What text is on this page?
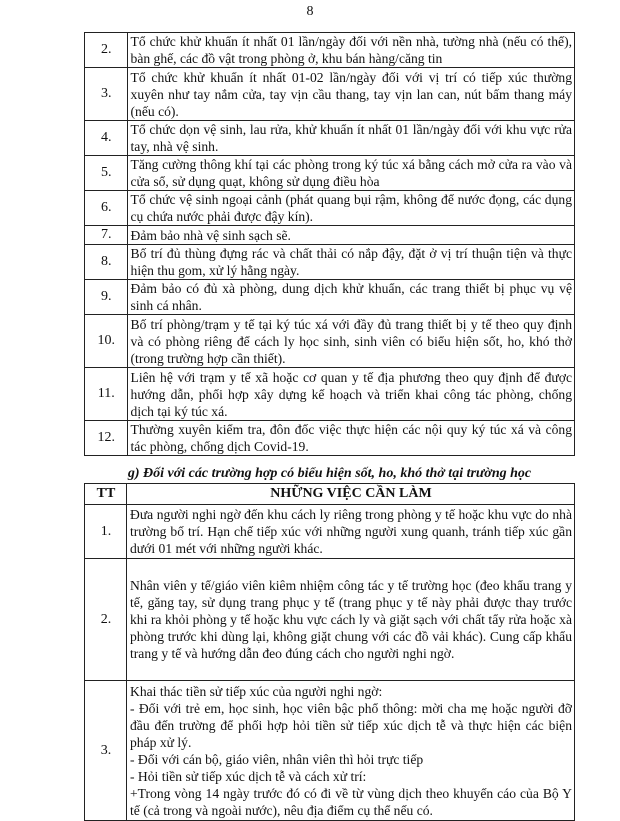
8
2.	Tổ chức khử khuẩn ít nhất 01 lần/ngày đối với nền nhà, tường nhà (nếu có thể), bàn ghế, các đồ vật trong phòng ở, khu bán hàng/căng tin
3.	Tổ chức khử khuẩn ít nhất 01-02 lần/ngày đối với vị trí có tiếp xúc thường xuyên như tay nắm cửa, tay vịn cầu thang, tay vịn lan can, nút bấm thang máy (nếu có).
4.	Tổ chức dọn vệ sinh, lau rửa, khử khuẩn ít nhất 01 lần/ngày đối với khu vực rửa tay, nhà vệ sinh.
5.	Tăng cường thông khí tại các phòng trong ký túc xá bằng cách mở cửa ra vào và cửa sổ, sử dụng quạt, không sử dụng điều hòa
6.	Tổ chức vệ sinh ngoại cảnh (phát quang bụi rậm, không để nước đọng, các dụng cụ chứa nước phải được đậy kín).
7.	Đảm bảo nhà vệ sinh sạch sẽ.
8.	Bố trí đủ thùng đựng rác và chất thải có nắp đậy, đặt ở vị trí thuận tiện và thực hiện thu gom, xử lý hằng ngày.
9.	Đảm bảo có đủ xà phòng, dung dịch khử khuẩn, các trang thiết bị phục vụ vệ sinh cá nhân.
10.	Bố trí phòng/trạm y tế tại ký túc xá với đầy đủ trang thiết bị y tế theo quy định và có phòng riêng để cách ly học sinh, sinh viên có biểu hiện sốt, ho, khó thở (trong trường hợp cần thiết).
11.	Liên hệ với trạm y tế xã hoặc cơ quan y tế địa phương theo quy định để được hướng dẫn, phối hợp xây dựng kế hoạch và triển khai công tác phòng, chống dịch tại ký túc xá.
12.	Thường xuyên kiểm tra, đôn đốc việc thực hiện các nội quy ký túc xá và công tác phòng, chống dịch Covid-19.
g) Đối với các trường hợp có biểu hiện sốt, ho, khó thở tại trường học
TT	NHỮNG VIỆC CẦN LÀM
1.	Đưa người nghi ngờ đến khu cách ly riêng trong phòng y tế hoặc khu vực do nhà trường bố trí. Hạn chế tiếp xúc với những người xung quanh, tránh tiếp xúc gần dưới 01 mét với những người khác.

2.	Nhân viên y tế/giáo viên kiêm nhiệm công tác y tế trường học (đeo khẩu trang y tế, găng tay, sử dụng trang phục y tế (trang phục y tế này phải được thay trước khi ra khỏi phòng y tế hoặc khu vực cách ly và giặt sạch với chất tẩy rửa hoặc xà phòng trước khi dùng lại, không giặt chung với các đồ vải khác). Cung cấp khẩu trang y tế và hướng dẫn đeo đúng cách cho người nghi ngờ.

3.	Khai thác tiền sử tiếp xúc của người nghi ngờ:

- Đối với trẻ em, học sinh, học viên bậc phổ thông: mời cha mẹ hoặc người đỡ đầu đến trường để phối hợp hỏi tiền sử tiếp xúc dịch tễ và thực hiện các biện pháp xử lý.

- Đối với cán bộ, giáo viên, nhân viên thì hỏi trực tiếp

- Hỏi tiền sử tiếp xúc dịch tễ và cách xử trí:

+Trong vòng 14 ngày trước đó có đi về từ vùng dịch theo khuyến cáo của Bộ Y tế (cả trong và ngoài nước), nêu địa điểm cụ thể nếu có.
